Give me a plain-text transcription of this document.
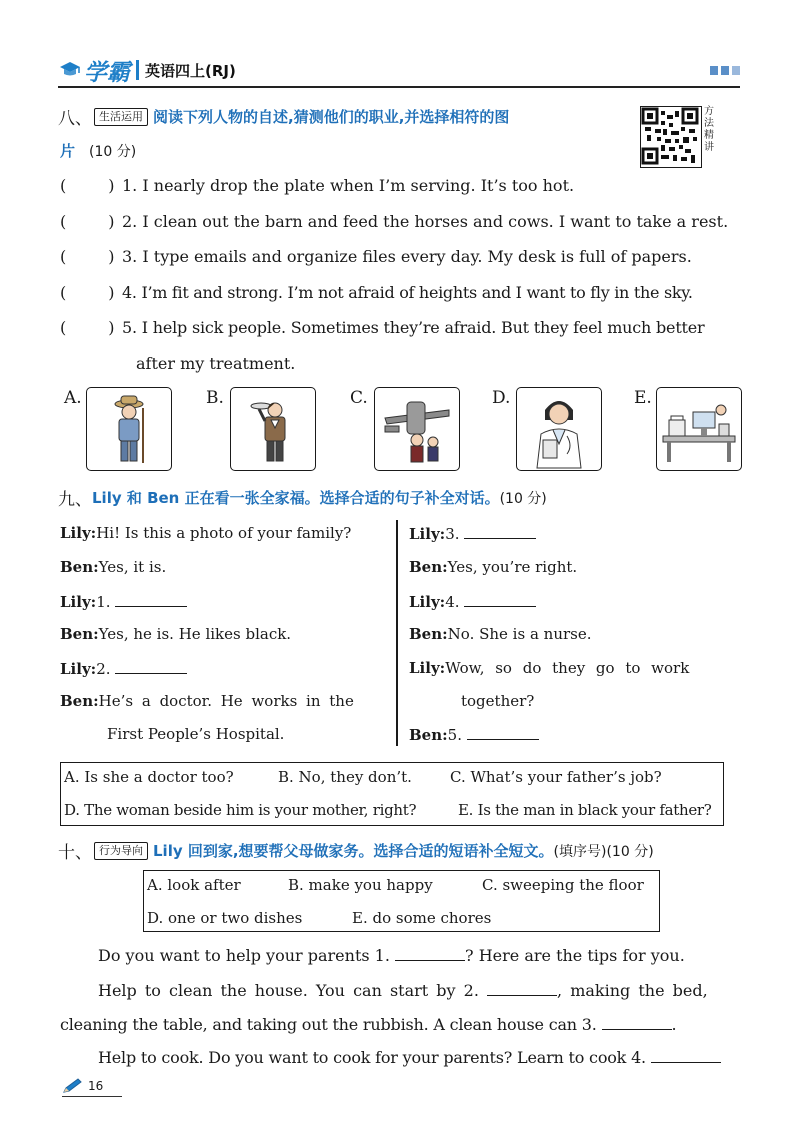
学霸 英语四上(RJ)
八、 生活运用 阅读下列人物的自述,猜测他们的职业,并选择相符的图
片 (10 分)
方
法
精
讲
(	) 1. I nearly drop the plate when I’m serving. It’s too hot.
(	) 2. I clean out the barn and feed the horses and cows. I want to take a rest.
(	) 3. I type emails and organize files every day. My desk is full of papers.
(	) 4. I’m fit and strong. I’m not afraid of heights and I want to fly in the sky.
(	) 5. I help sick people. Sometimes they’re afraid. But they feel much better
after my treatment.
A.	B.	C.	D.	E.
九、 Lily 和 Ben 正在看一张全家福。选择合适的句子补全对话。 (10 分)
Lily:Hi! Is this a photo of your family?
Ben:Yes, it is.
Lily:1.
Ben:Yes, he is. He likes black.
Lily:2.
Ben:He’s a doctor. He works in the
First People’s Hospital.
Lily:3.
Ben:Yes, you’re right.
Lily:4.
Ben:No. She is a nurse.
Lily:Wow, so do they go to work
together?
Ben:5.
A. Is she a doctor too?	B. No, they don’t.	C. What’s your father’s job?
D. The woman beside him is your mother, right?	E. Is the man in black your father?
十、 行为导向 Lily 回到家,想要帮父母做家务。选择合适的短语补全短文。 (填序号)(10 分)
A. look after	B. make you happy	C. sweeping the floor
D. one or two dishes	E. do some chores
Do you want to help your parents 1.	? Here are the tips for you.
Help to clean the house. You can start by 2.	, making the bed,
cleaning the table, and taking out the rubbish. A clean house can 3.	.
Help to cook. Do you want to cook for your parents? Learn to cook 4.
16
